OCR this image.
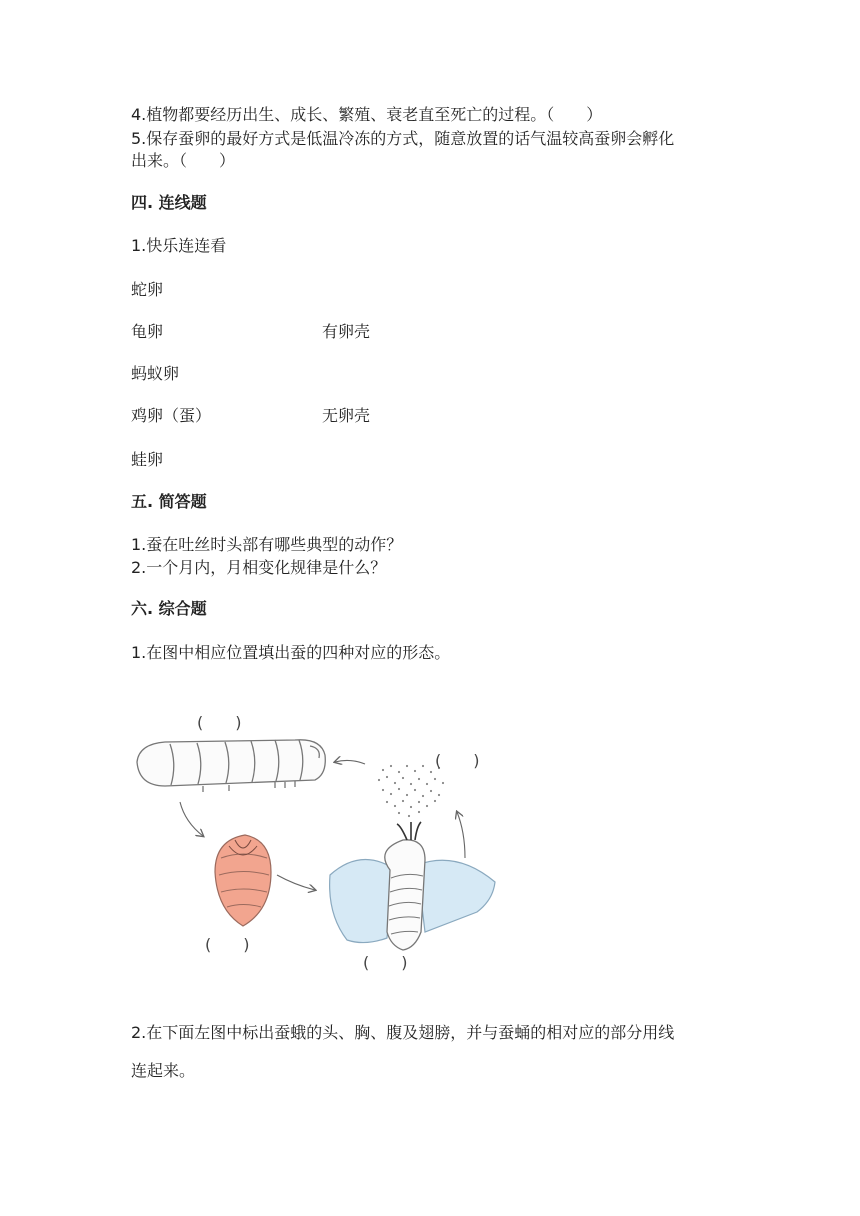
4.植物都要经历出生、成长、繁殖、衰老直至死亡的过程。（　　）
5.保存蚕卵的最好方式是低温冷冻的方式，随意放置的话气温较高蚕卵会孵化
出来。（　　）
四. 连线题
1.快乐连连看
蛇卵
龟卵	有卵壳
蚂蚁卵
鸡卵（蛋）	无卵壳
蛙卵
五. 简答题
1.蚕在吐丝时头部有哪些典型的动作？
2.一个月内，月相变化规律是什么？
六. 综合题
1.在图中相应位置填出蚕的四种对应的形态。
(　　)
(　　)
(　　)
(　　)
2.在下面左图中标出蚕蛾的头、胸、腹及翅膀，并与蚕蛹的相对应的部分用线
连起来。
